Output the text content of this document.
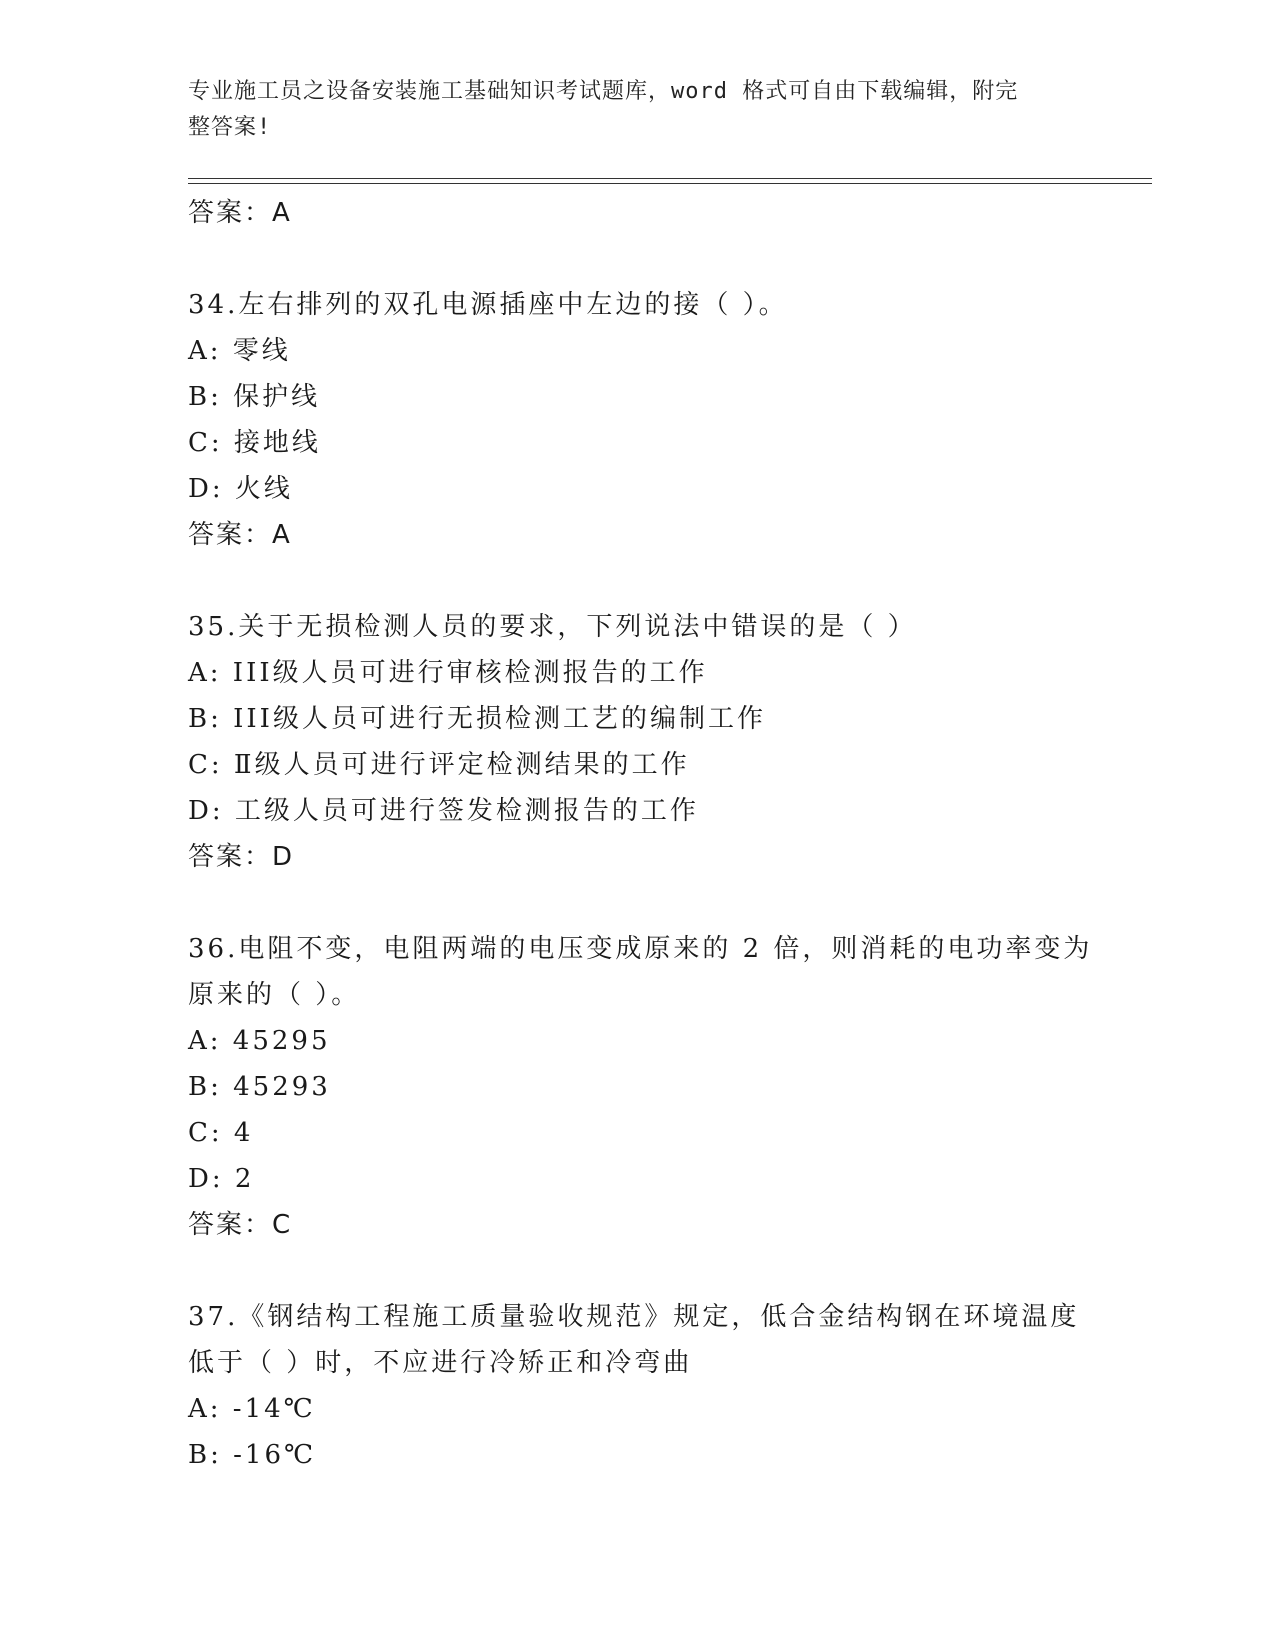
专业施工员之设备安装施工基础知识考试题库，word 格式可自由下载编辑，附完
整答案!
答案：A
34.左右排列的双孔电源插座中左边的接（ ）。
A: 零线
B: 保护线
C: 接地线
D: 火线
答案：A
35.关于无损检测人员的要求，下列说法中错误的是（ ）
A: III级人员可进行审核检测报告的工作
B: III级人员可进行无损检测工艺的编制工作
C: Ⅱ级人员可进行评定检测结果的工作
D: 工级人员可进行签发检测报告的工作
答案：D
36.电阻不变，电阻两端的电压变成原来的 2 倍，则消耗的电功率变为
原来的（ ）。
A: 45295
B: 45293
C: 4
D: 2
答案：C
37.《钢结构工程施工质量验收规范》规定，低合金结构钢在环境温度
低于（ ）时，不应进行冷矫正和冷弯曲
A: -14℃
B: -16℃
